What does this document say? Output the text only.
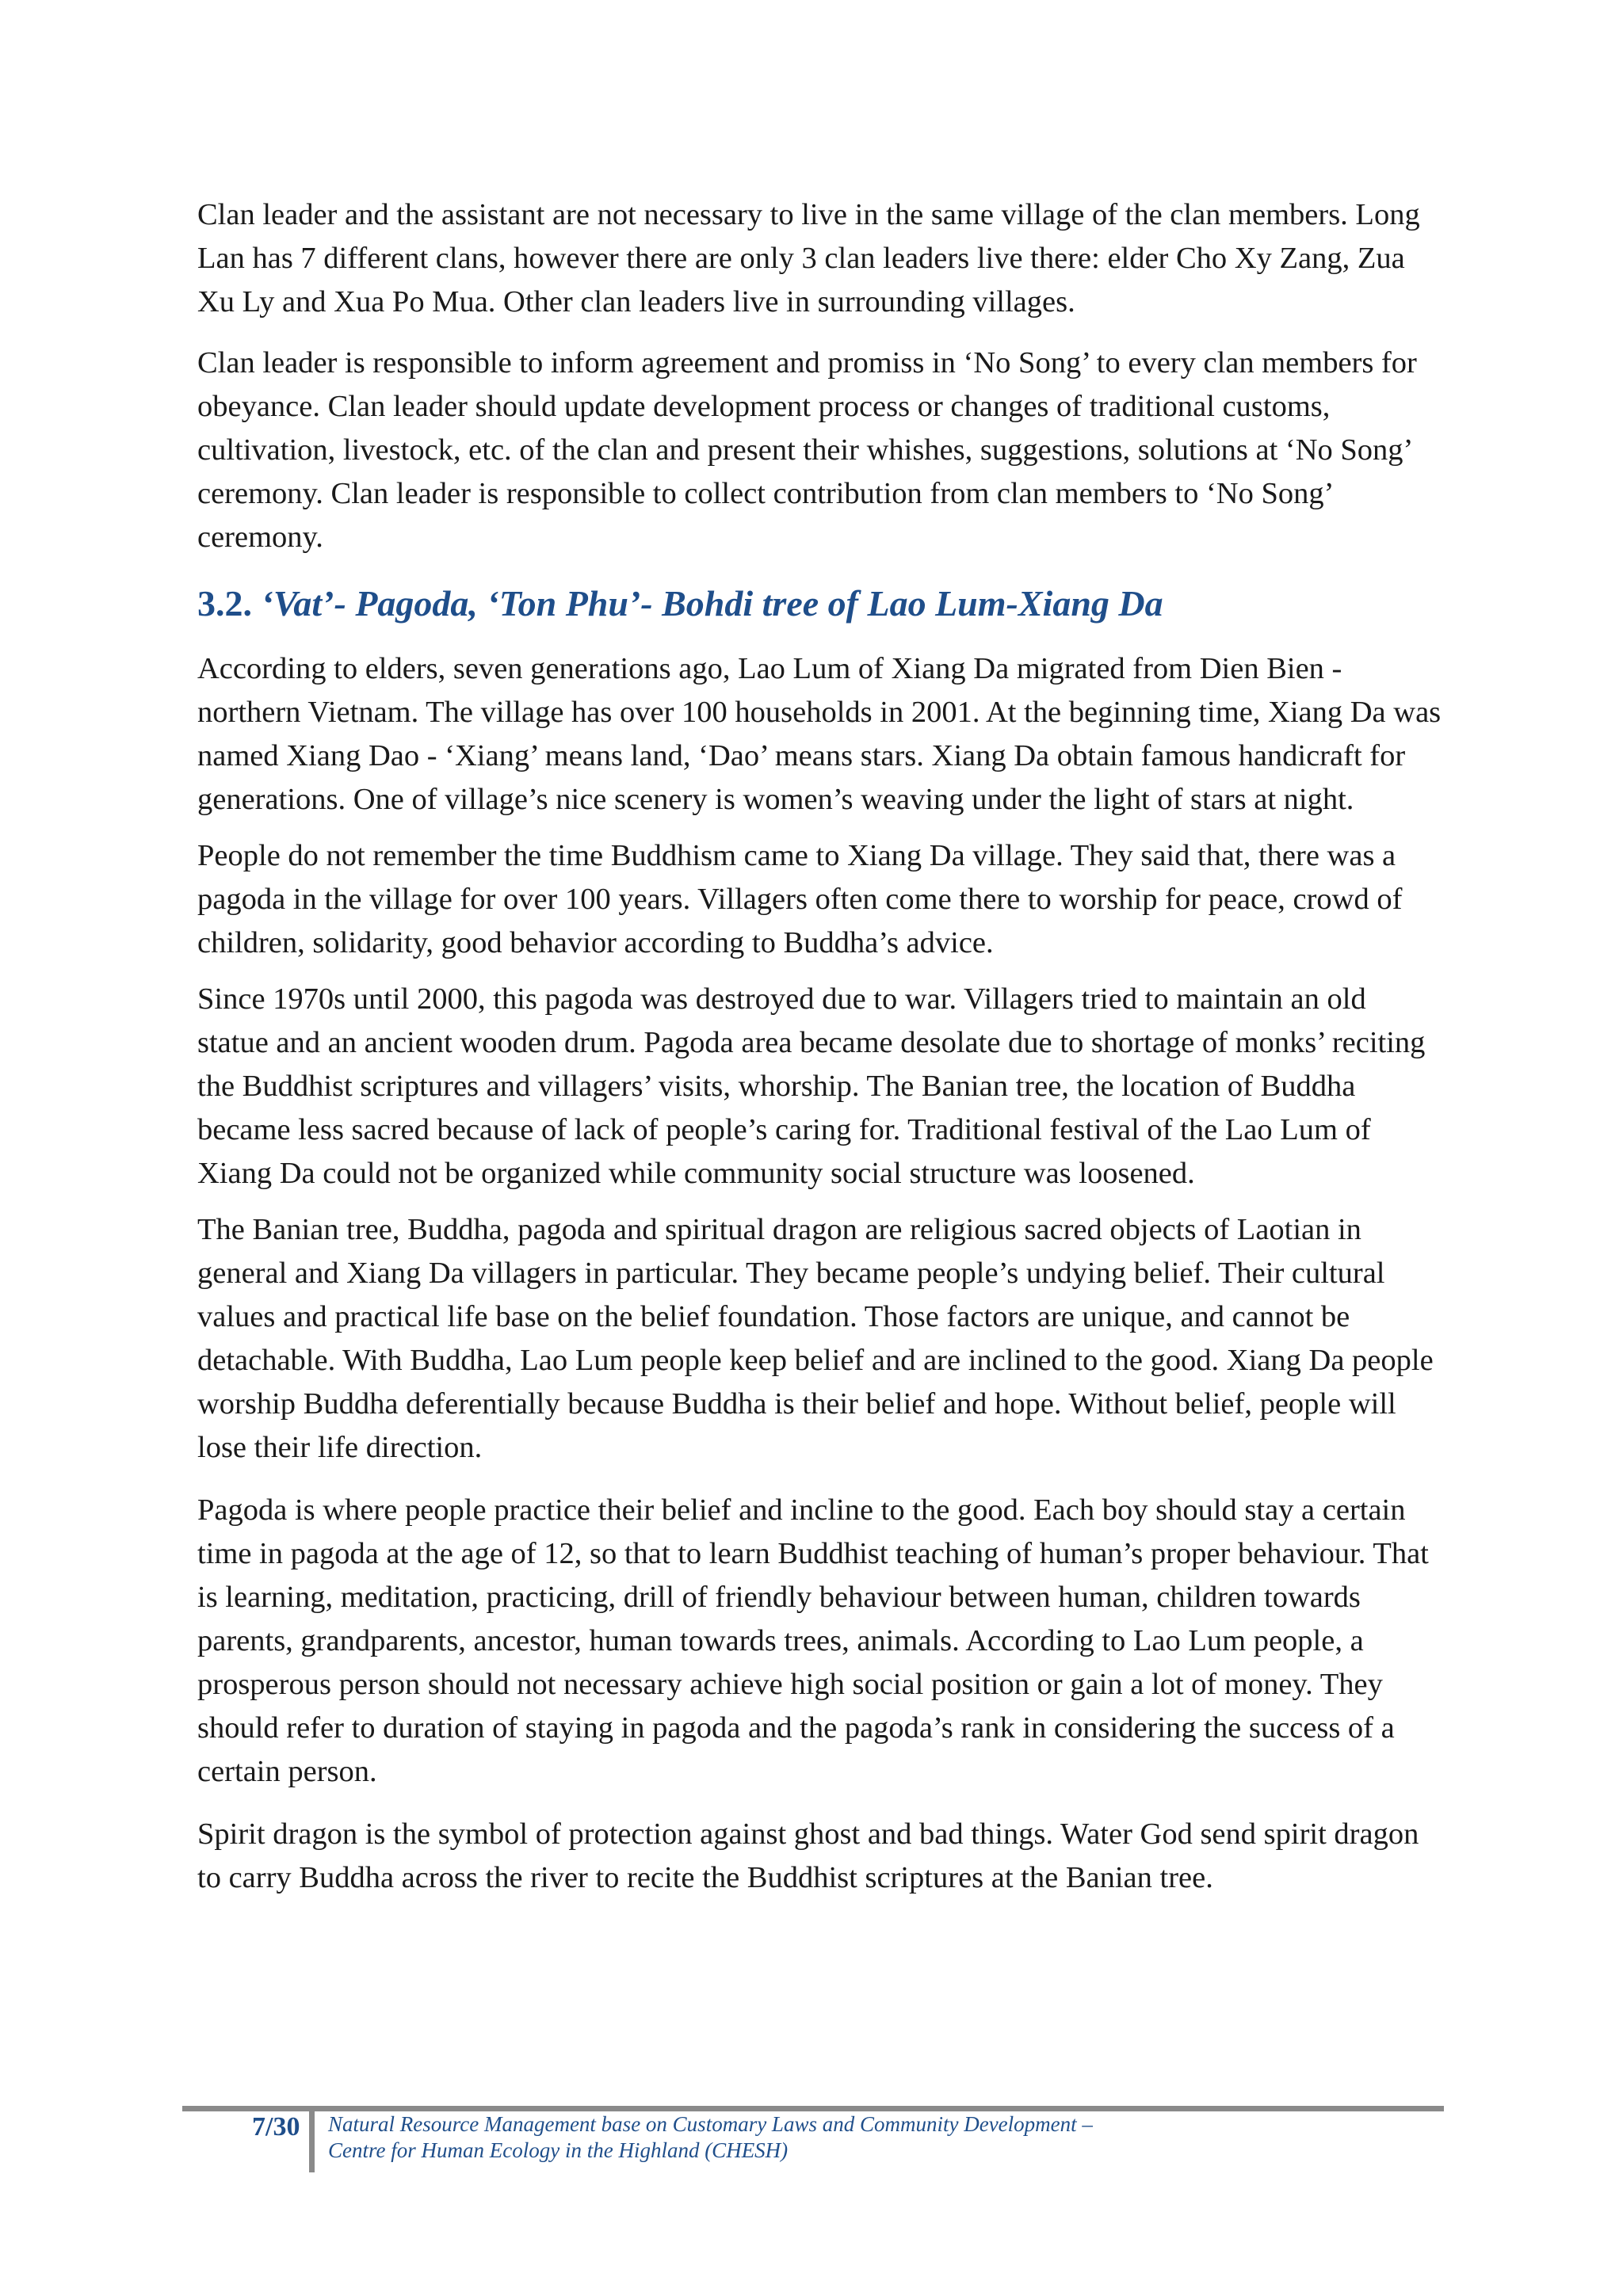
Clan leader and the assistant are not necessary to live in the same village of the clan members. Long Lan has 7 different clans, however there are only 3 clan leaders live there: elder Cho Xy Zang, Zua Xu Ly and Xua Po Mua. Other clan leaders live in surrounding villages.

Clan leader is responsible to inform agreement and promiss in ‘No Song’ to every clan members for obeyance. Clan leader should update development process or changes of traditional customs, cultivation, livestock, etc. of the clan and present their whishes, suggestions, solutions at ‘No Song’ ceremony. Clan leader is responsible to collect contribution from clan members to ‘No Song’ ceremony.

3.2. ‘Vat’- Pagoda, ‘Ton Phu’- Bohdi tree of Lao Lum-Xiang Da

According to elders, seven generations ago, Lao Lum of Xiang Da migrated from Dien Bien - northern Vietnam. The village has over 100 households in 2001. At the beginning time, Xiang Da was named Xiang Dao - ‘Xiang’ means land, ‘Dao’ means stars. Xiang Da obtain famous handicraft for generations. One of village’s nice scenery is women’s weaving under the light of stars at night.

People do not remember the time Buddhism came to Xiang Da village. They said that, there was a pagoda in the village for over 100 years. Villagers often come there to worship for peace, crowd of children, solidarity, good behavior according to Buddha’s advice.

Since 1970s until 2000, this pagoda was destroyed due to war. Villagers tried to maintain an old statue and an ancient wooden drum. Pagoda area became desolate due to shortage of monks’ reciting the Buddhist scriptures and villagers’ visits, whorship. The Banian tree, the location of Buddha became less sacred because of lack of people’s caring for. Traditional festival of the Lao Lum of Xiang Da could not be organized while community social structure was loosened.

The Banian tree, Buddha, pagoda and spiritual dragon are religious sacred objects of Laotian in general and Xiang Da villagers in particular. They became people’s undying belief. Their cultural values and practical life base on the belief foundation. Those factors are unique, and cannot be detachable. With Buddha, Lao Lum people keep belief and are inclined to the good. Xiang Da people worship Buddha deferentially because Buddha is their belief and hope. Without belief, people will lose their life direction.

Pagoda is where people practice their belief and incline to the good. Each boy should stay a certain time in pagoda at the age of 12, so that to learn Buddhist teaching of human’s proper behaviour. That is learning, meditation, practicing, drill of friendly behaviour between human, children towards parents, grandparents, ancestor, human towards trees, animals. According to Lao Lum people, a prosperous person should not necessary achieve high social position or gain a lot of money. They should refer to duration of staying in pagoda and the pagoda’s rank in considering the success of a certain person.

Spirit dragon is the symbol of protection against ghost and bad things. Water God send spirit dragon to carry Buddha across the river to recite the Buddhist scriptures at the Banian tree.

7/30 Natural Resource Management base on Customary Laws and Community Development –
Centre for Human Ecology in the Highland (CHESH)
